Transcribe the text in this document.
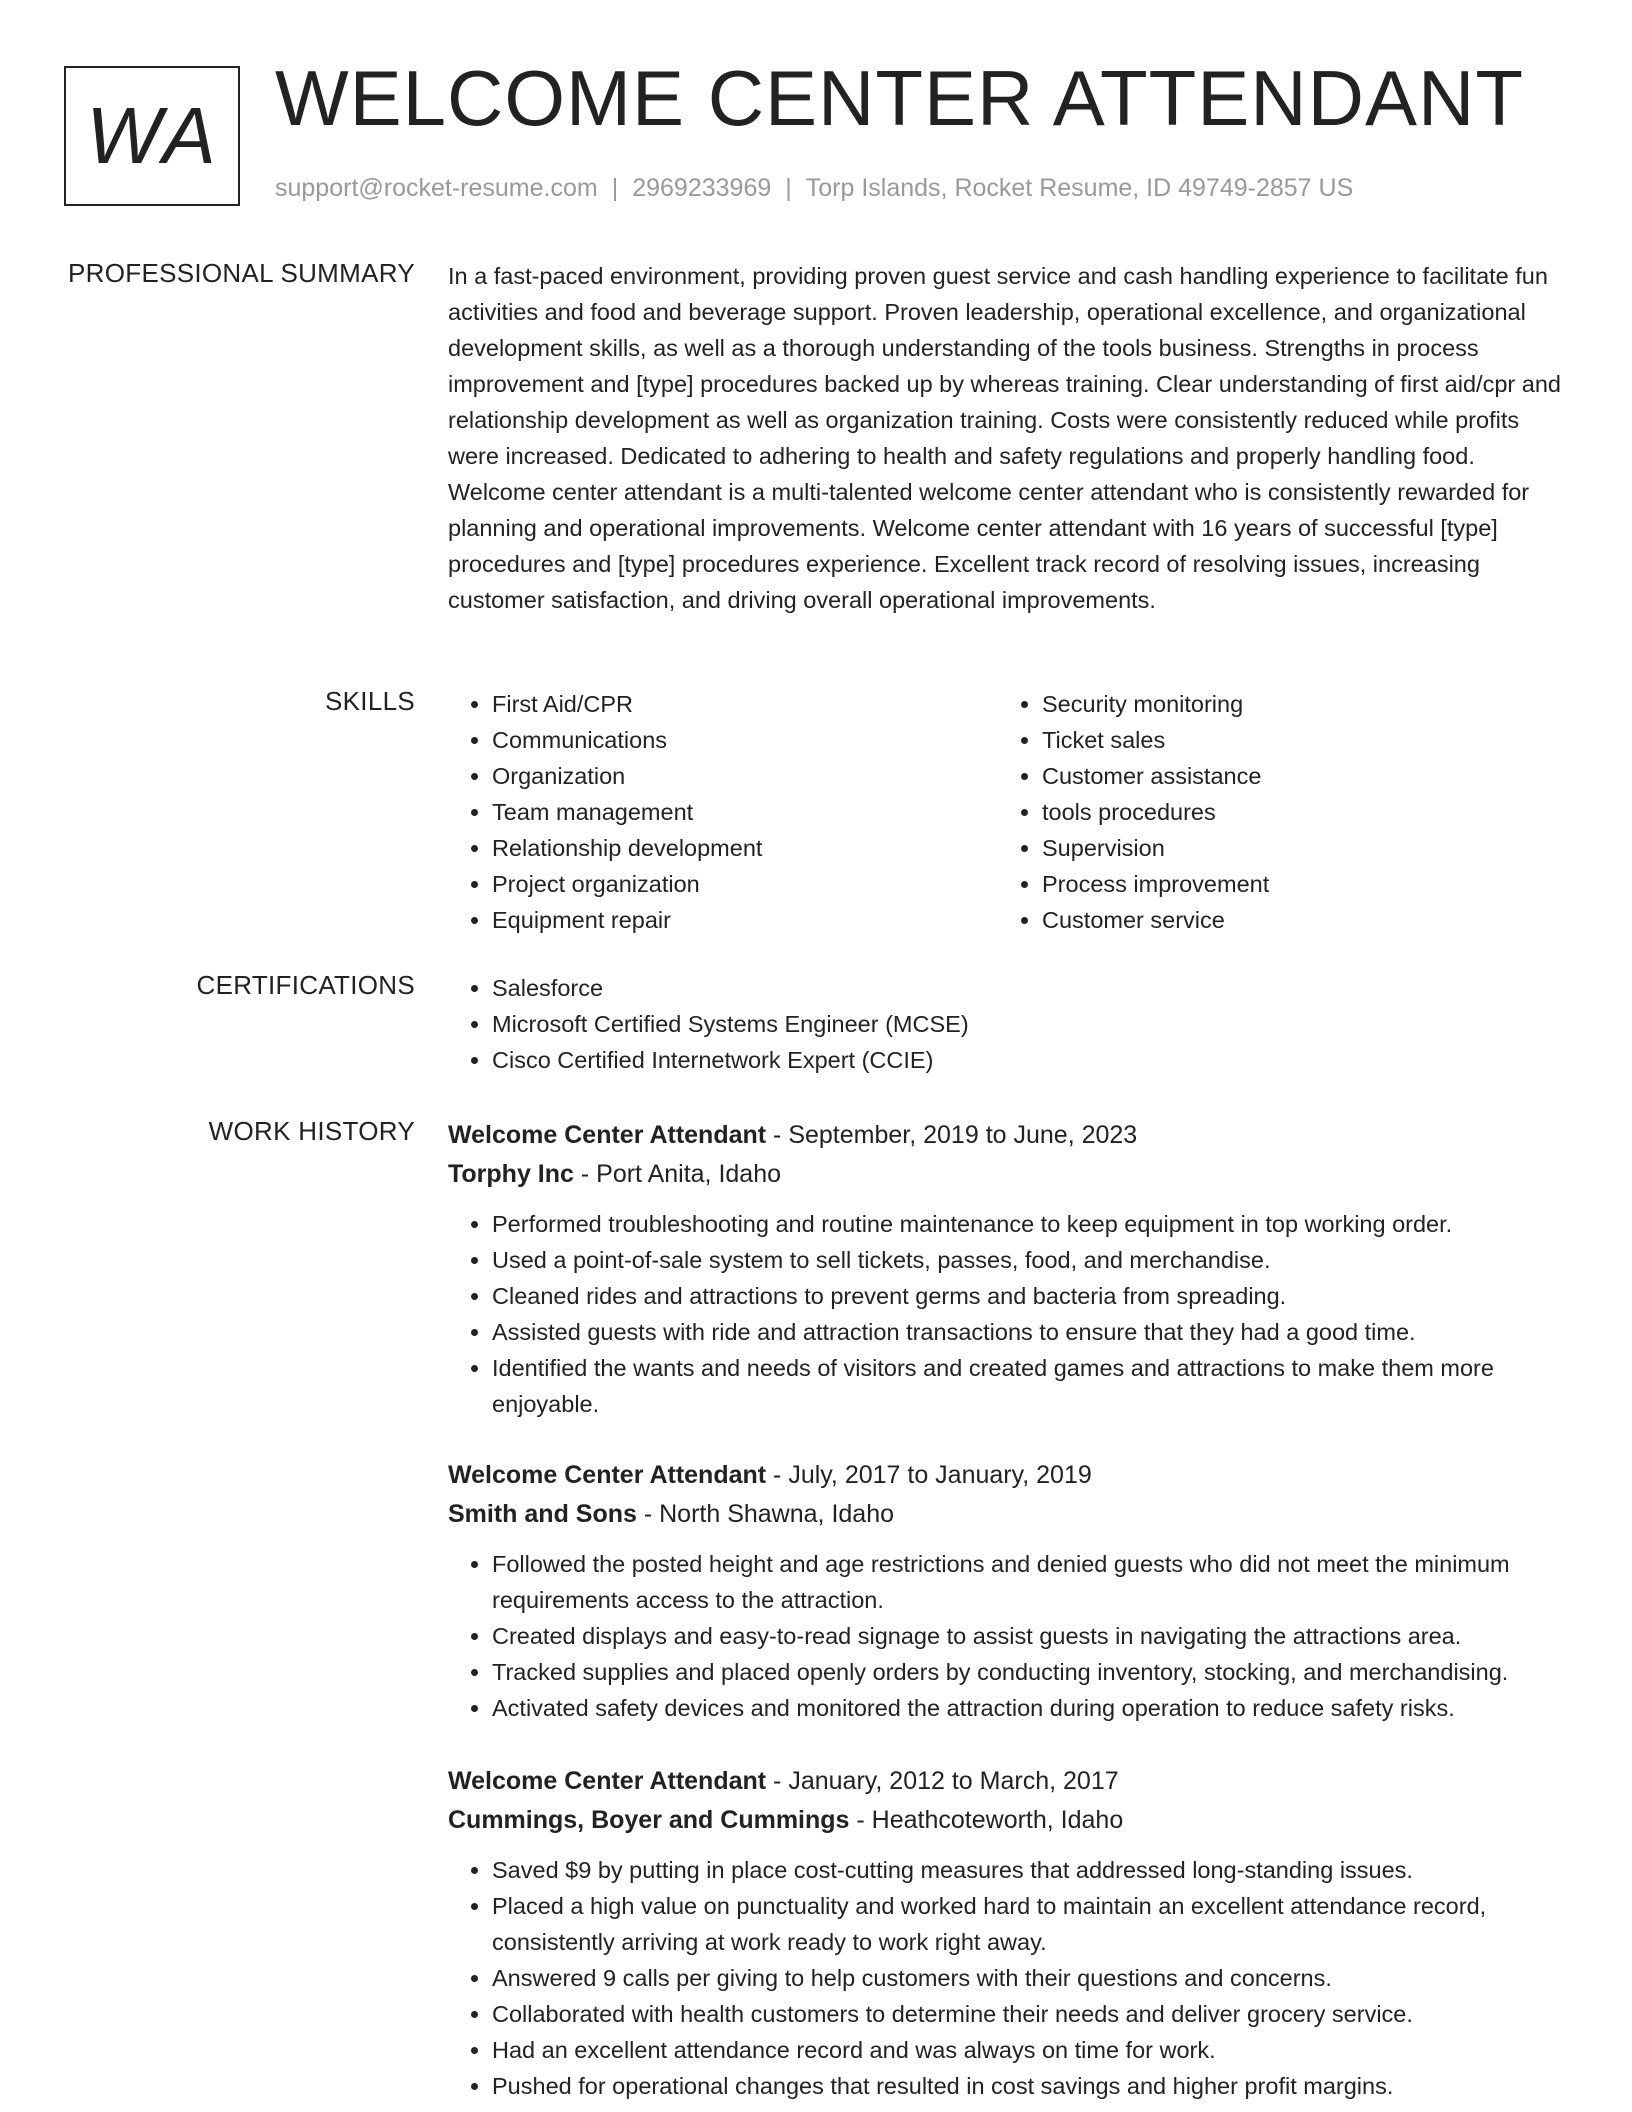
WA WELCOME CENTER ATTENDANT
support@rocket-resume.com | 2969233969 | Torp Islands, Rocket Resume, ID 49749-2857 US
PROFESSIONAL SUMMARY In a fast-paced environment, providing proven guest service and cash handling experience to facilitate fun activities and food and beverage support. Proven leadership, operational excellence, and organizational development skills, as well as a thorough understanding of the tools business. Strengths in process improvement and [type] procedures backed up by whereas training. Clear understanding of first aid/cpr and relationship development as well as organization training. Costs were consistently reduced while profits were increased. Dedicated to adhering to health and safety regulations and properly handling food. Welcome center attendant is a multi-talented welcome center attendant who is consistently rewarded for planning and operational improvements. Welcome center attendant with 16 years of successful [type] procedures and [type] procedures experience. Excellent track record of resolving issues, increasing customer satisfaction, and driving overall operational improvements.
SKILLS	• First Aid/CPR
• Communications
• Organization
• Team management
• Relationship development
• Project organization
• Equipment repair
• Security monitoring
• Ticket sales
• Customer assistance
• tools procedures
• Supervision
• Process improvement
• Customer service
CERTIFICATIONS	• Salesforce
• Microsoft Certified Systems Engineer (MCSE)
• Cisco Certified Internetwork Expert (CCIE)
WORK HISTORY Welcome Center Attendant - September, 2019 to June, 2023
Torphy Inc - Port Anita, Idaho
• Performed troubleshooting and routine maintenance to keep equipment in top working order.
• Used a point-of-sale system to sell tickets, passes, food, and merchandise.
• Cleaned rides and attractions to prevent germs and bacteria from spreading.
• Assisted guests with ride and attraction transactions to ensure that they had a good time.
• Identified the wants and needs of visitors and created games and attractions to make them more enjoyable.
Welcome Center Attendant - July, 2017 to January, 2019
Smith and Sons - North Shawna, Idaho
• Followed the posted height and age restrictions and denied guests who did not meet the minimum requirements access to the attraction.
• Created displays and easy-to-read signage to assist guests in navigating the attractions area.
• Tracked supplies and placed openly orders by conducting inventory, stocking, and merchandising.
• Activated safety devices and monitored the attraction during operation to reduce safety risks.
Welcome Center Attendant - January, 2012 to March, 2017
Cummings, Boyer and Cummings - Heathcoteworth, Idaho
• Saved $9 by putting in place cost-cutting measures that addressed long-standing issues.
• Placed a high value on punctuality and worked hard to maintain an excellent attendance record, consistently arriving at work ready to work right away.
• Answered 9 calls per giving to help customers with their questions and concerns.
• Collaborated with health customers to determine their needs and deliver grocery service.
• Had an excellent attendance record and was always on time for work.
• Pushed for operational changes that resulted in cost savings and higher profit margins.
